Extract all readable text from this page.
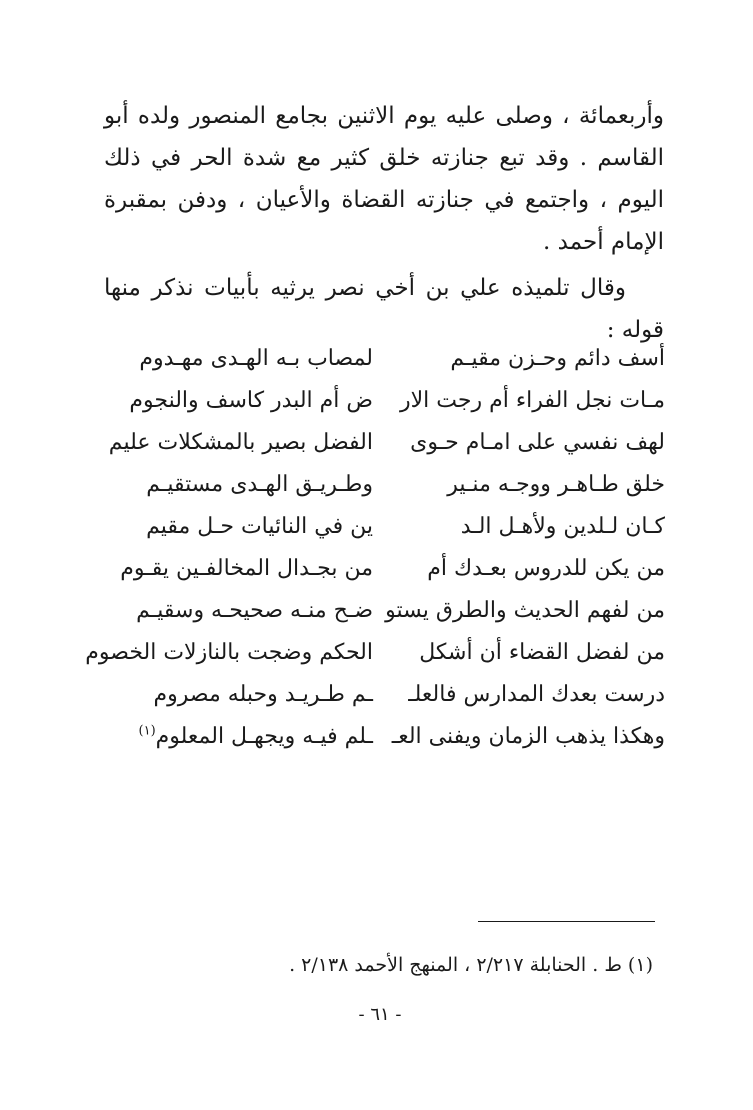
وأربعمائة ، وصلى عليه يوم الاثنين بجامع المنصور ولده أبو القاسم . وقد تبع جنازته خلق كثير مع شدة الحر في ذلك اليوم ، واجتمع في جنازته القضاة والأعيان ، ودفن بمقبرة الإمام أحمد .

وقال تلميذه علي بن أخي نصر يرثيه بأبيات نذكر منها قوله :

أسف دائم وحـزن مقيـم
لمصاب بـه الهـدى مهـدوم
مـات نجل الفراء أم رجت الار
ض أم البدر كاسف والنجوم
لهف نفسي على امـام حـوى
الفضل بصير بالمشكلات عليم
خلق طـاهـر ووجـه منـير
وطـريـق الهـدى مستقيـم
كـان لـلدين ولأهـل الـد
ين في النائيات حـل مقيم
من يكن للدروس بعـدك أم
من بجـدال المخالفـين يقـوم
من لفهم الحديث والطرق يستو
ضـح منـه صحيحـه وسقيـم
من لفضل القضاء أن أشكل
الحكم وضجت بالنازلات الخصوم
درست بعدك المدارس فالعلـ
ـم طـريـد وحبله مصروم
وهكذا يذهب الزمان ويفنى العـ
ـلم فيـه ويجهـل المعلوم$^{(١)}$
(١) ط . الحنابلة ٢/٢١٧ ، المنهج الأحمد ٢/١٣٨ .
- ٦١ -
